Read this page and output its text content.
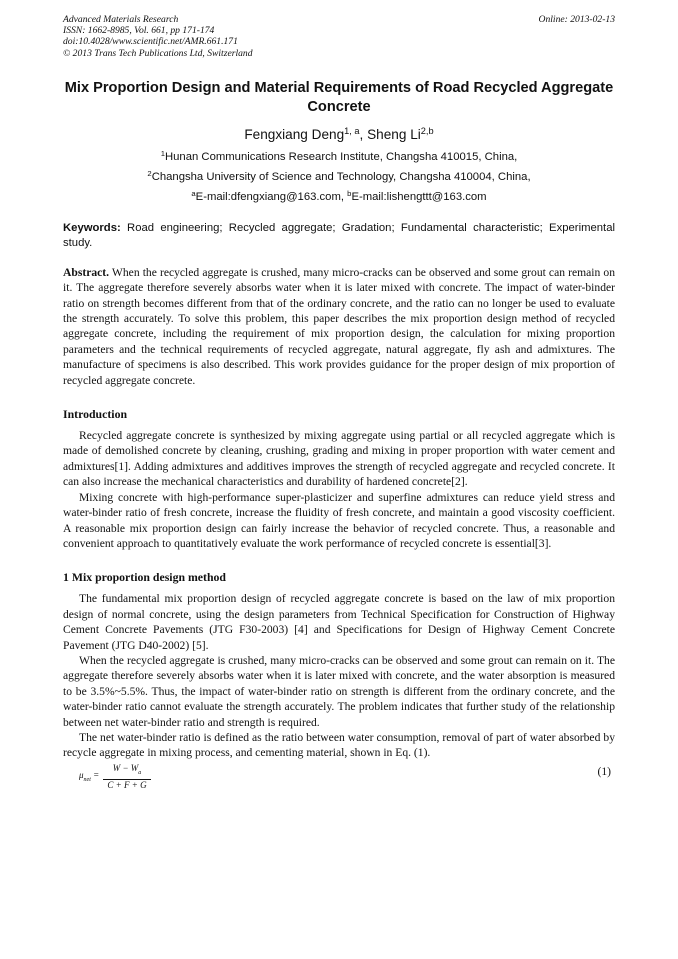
Advanced Materials Research
ISSN: 1662-8985, Vol. 661, pp 171-174
doi:10.4028/www.scientific.net/AMR.661.171
© 2013 Trans Tech Publications Ltd, Switzerland
Online: 2013-02-13
Mix Proportion Design and Material Requirements of Road Recycled Aggregate Concrete
Fengxiang Deng$^{1, a}$, Sheng Li$^{2,b}$
$^1$Hunan Communications Research Institute, Changsha 410015, China,
$^2$Changsha University of Science and Technology, Changsha 410004, China,
$^a$E-mail:dfengxiang@163.com, $^b$E-mail:lishengttt@163.com
Keywords: Road engineering; Recycled aggregate; Gradation; Fundamental characteristic; Experimental study.

Abstract. When the recycled aggregate is crushed, many micro-cracks can be observed and some grout can remain on it. The aggregate therefore severely absorbs water when it is later mixed with concrete. The impact of water-binder ratio on strength becomes different from that of the ordinary concrete, and the ratio can no longer be used to evaluate the strength accurately. To solve this problem, this paper describes the mix proportion design method of recycled aggregate concrete, including the requirement of mix proportion design, the calculation for mixing proportion parameters and the technical requirements of recycled aggregate, natural aggregate, fly ash and admixtures. The manufacture of specimens is also described. This work provides guidance for the proper design of mix proportion of recycled aggregate concrete.

Introduction

Recycled aggregate concrete is synthesized by mixing aggregate using partial or all recycled aggregate which is made of demolished concrete by cleaning, crushing, grading and mixing in proper proportion with water cement and admixtures[1]. Adding admixtures and additives improves the strength of recycled aggregate and recycled concrete. It can also increase the mechanical characteristics and durability of hardened concrete[2].

Mixing concrete with high-performance super-plasticizer and superfine admixtures can reduce yield stress and water-binder ratio of fresh concrete, increase the fluidity of fresh concrete, and maintain a good viscosity coefficient. A reasonable mix proportion design can fairly increase the behavior of recycled concrete. Thus, a reasonable and convenient approach to quantitatively evaluate the work performance of recycled concrete is essential[3].

1 Mix proportion design method

The fundamental mix proportion design of recycled aggregate concrete is based on the law of mix proportion design of normal concrete, using the design parameters from Technical Specification for Construction of Highway Cement Concrete Pavements (JTG F30-2003) [4] and Specifications for Design of Highway Cement Concrete Pavement (JTG D40-2002) [5].

When the recycled aggregate is crushed, many micro-cracks can be observed and some grout can remain on it. The aggregate therefore severely absorbs water when it is later mixed with concrete, and the water absorption is measured to be 3.5%~5.5%. Thus, the impact of water-binder ratio on strength is different from the ordinary concrete, and the water-binder ratio cannot evaluate the strength accurately. The problem indicates that further study of the relationship between net water-binder ratio and strength is required.

The net water-binder ratio is defined as the ratio between water consumption, removal of part of water absorbed by recycle aggregate in mixing process, and cementing material, shown in Eq. (1).

$\mu_{net} = \frac{W - W_a}{C + F + G}$	(1)
